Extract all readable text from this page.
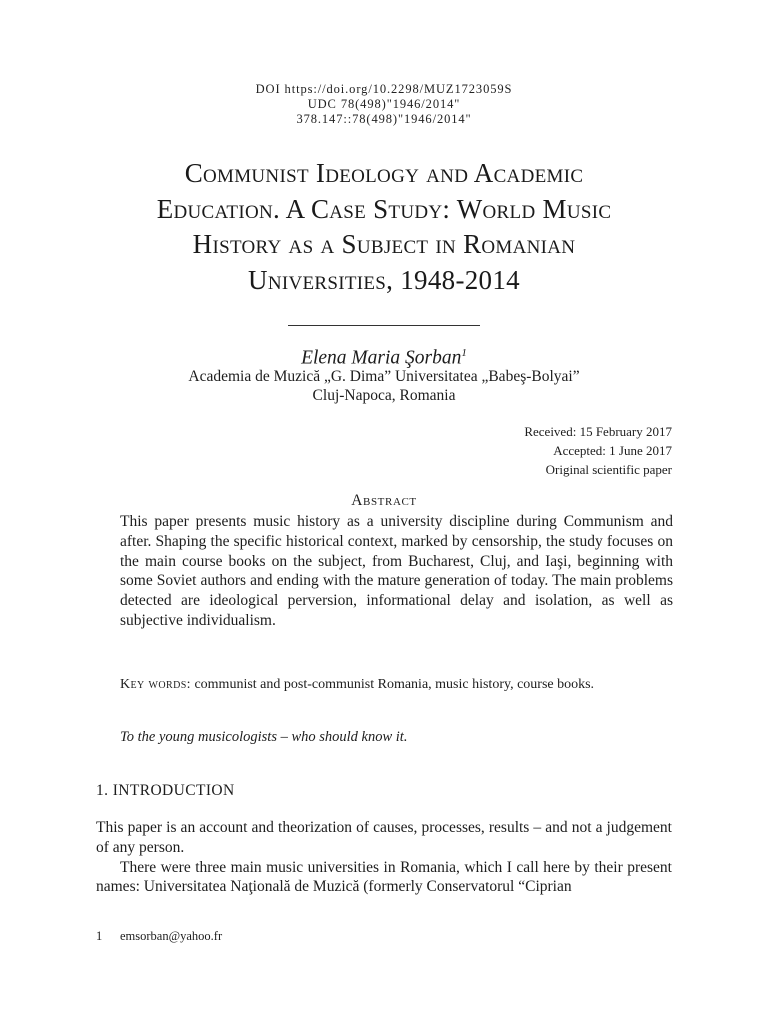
DOI https://doi.org/10.2298/MUZ1723059S
UDC 78(498)"1946/2014"
378.147::78(498)"1946/2014"
Communist Ideology and Academic
Education. A Case Study: World Music
History as a Subject in Romanian
Universities, 1948-2014
Elena Maria Şorban$^1$
Academia de Muzică „G. Dima” Universitatea „Babeş-Bolyai”
Cluj-Napoca, Romania
Received: 15 February 2017
Accepted: 1 June 2017
Original scientific paper
Abstract
This paper presents music history as a university discipline during Communism and after. Shaping the specific historical context, marked by censorship, the study focuses on the main course books on the subject, from Bucharest, Cluj, and Iaşi, beginning with some Soviet authors and ending with the mature generation of today. The main problems detected are ideological perversion, informational delay and isolation, as well as subjective individualism.
Key words: communist and post-communist Romania, music history, course books.
To the young musicologists – who should know it.
1. INTRODUCTION

This paper is an account and theorization of causes, processes, results – and not a judgement of any person.

There were three main music universities in Romania, which I call here by their present names: Universitatea Naţională de Muzică (formerly Conservatorul “Ciprian

1 emsorban@yahoo.fr
